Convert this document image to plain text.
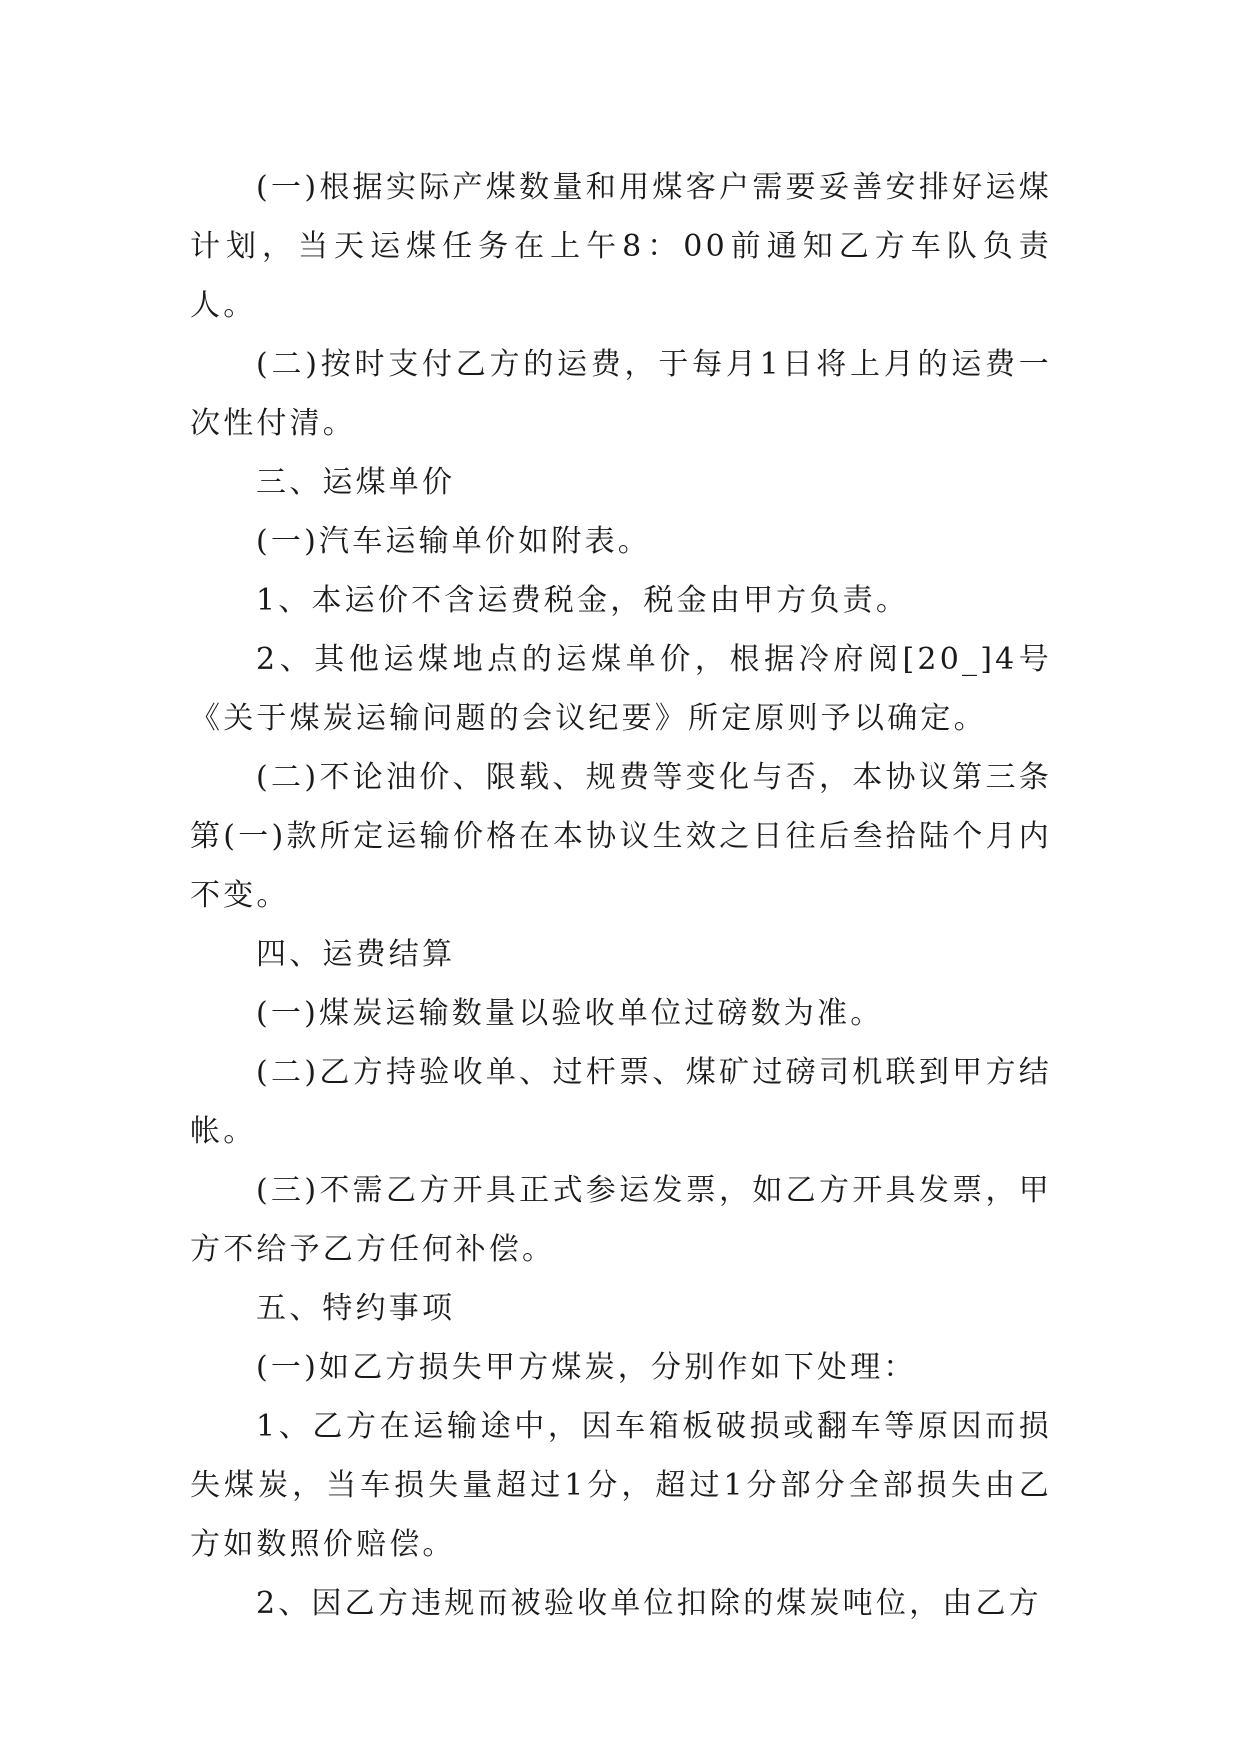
(一)根据实际产煤数量和用煤客户需要妥善安排好运煤计划，当天运煤任务在上午8：00前通知乙方车队负责人。

(二)按时支付乙方的运费，于每月1日将上月的运费一次性付清。

三、运煤单价

(一)汽车运输单价如附表。

1、本运价不含运费税金，税金由甲方负责。

2、其他运煤地点的运煤单价，根据冷府阅[20_]4号《关于煤炭运输问题的会议纪要》所定原则予以确定。

(二)不论油价、限载、规费等变化与否，本协议第三条第(一)款所定运输价格在本协议生效之日往后叁拾陆个月内不变。

四、运费结算

(一)煤炭运输数量以验收单位过磅数为准。

(二)乙方持验收单、过杆票、煤矿过磅司机联到甲方结帐。

(三)不需乙方开具正式参运发票，如乙方开具发票，甲方不给予乙方任何补偿。

五、特约事项

(一)如乙方损失甲方煤炭，分别作如下处理：

1、乙方在运输途中，因车箱板破损或翻车等原因而损失煤炭，当车损失量超过1分，超过1分部分全部损失由乙方如数照价赔偿。

2、因乙方违规而被验收单位扣除的煤炭吨位，由乙方
